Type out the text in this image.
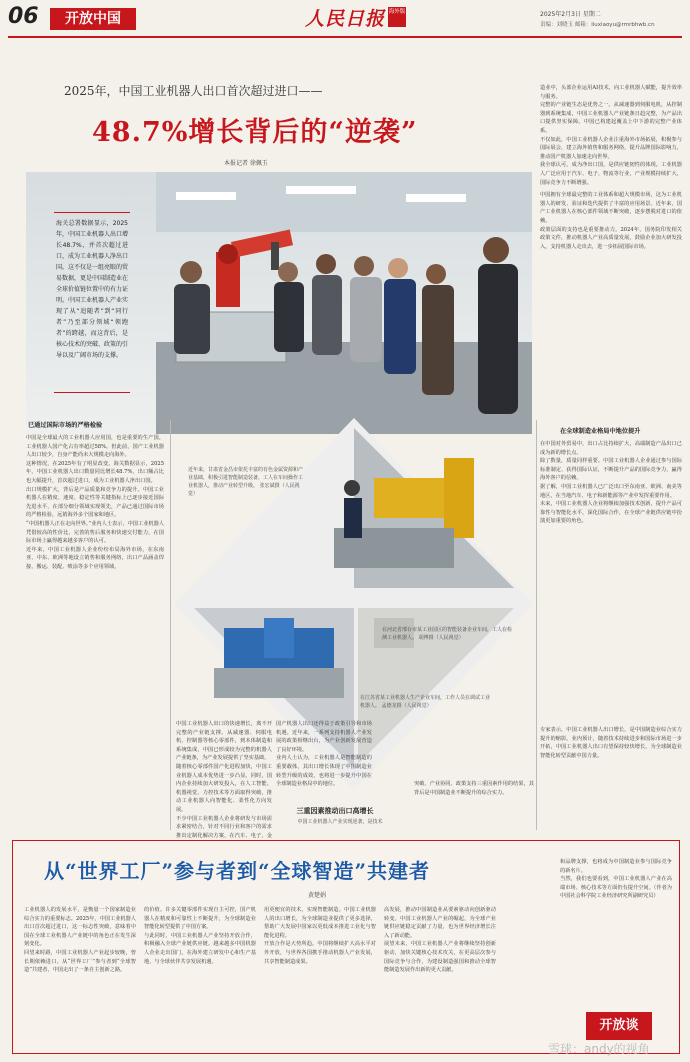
06	开放中国	人民日报 海外版	2025年2月3日 星期二
责编：刘晓玉 邮箱：liuxiaoyu@rmrbhwb.cn
2025年，中国工业机器人出口首次超过进口——
48.7%增长背后的“逆袭”
本报记者 徐佩玉
海关总署数据显示，2025年，中国工业机器人出口增长48.7%，并首次超过进口，成为工业机器人净出口国。这不仅是一组亮眼的贸易数据，更是中国制造业在全球价值链位置中的有力证明。中国工业机器人产业实现了从“追随者”到“同行者”乃至部分领域“领跑者”的跨越，而这背后，是核心技术的突破、政策的引导以及广阔市场的支撑。
造业中，头部企业运用AI技术，向工业机器人赋能，提升效率与服务。
完整的产业链生态是优势之一。从减速器到伺服电机，从控制器到系统集成，中国工业机器人产业链条日趋完整，为产品出口提供坚实保障。中国已构建起覆盖上中下游的完整产业体系。
不仅如此，中国工业机器人企业注重海外市场拓展，积极参与国际展会，建立海外销售和服务网络，提升品牌国际影响力，推动国产机器人加速走向世界。
我全球认可，成为净出口国，是供应链韧性的体现。工业机器人广泛应用于汽车、电子、物流等行业，产业规模持续扩大，国际竞争力不断增强。
中国拥有全球最完整的工业体系和超大规模市场，这为工业机器人的研发、验证和迭代提供了丰富的应用场景。近年来，国产工业机器人在核心部件领域不断突破，逐步摆脱对进口的依赖。
政策层面的支持也是重要推动力。2024年，国务院印发相关政策文件，推动机器人产业高质量发展，鼓励企业加大研发投入，支持机器人走出去，进一步拓展国际市场。
已通过国际市场的严格检验
中国是全球最大的工业机器人应用国，也是重要的生产国。工业机器人国产化占有率超过58%。但此前，国产工业机器人出口较少，自身产能尚未大规模走向海外。
这种情况，在2025年有了明显改变。海关数据显示，2025年，中国工业机器人出口数量同比增长48.7%，出口额占比也大幅提升，首次超过进口，成为工业机器人净出口国。
出口规模扩大，背后是产品质量和竞争力的提升。中国工业机器人在精度、速度、稳定性等关键指标上已逐步接近国际先进水平，在部分细分领域实现领先，产品已通过国际市场的严格检验，远销海外多个国家和地区。
“中国机器人正在走向世界。”业内人士表示，中国工业机器人凭借较高的性价比、完善的售后服务和快速交付能力，在国际市场上赢得越来越多客户的认可。
近年来，中国工业机器人企业纷纷布局海外市场，在东南亚、中东、欧洲等地设立销售和服务网络，出口产品涵盖焊接、搬运、装配、喷涂等多个应用领域。
近年来，甘肃省金昌市依托丰富的有色金属资源和产业基础，积极引进智能制造装备，工人在车间操作工业机器人，推动产业转型升级。 张宏斌摄（人民视觉）
在河北省邢台市某工业园区的智能装备企业车间，工人在检测工业机器人。 胡博摄（人民视觉）
在江苏省某工业机器人生产企业车间，工作人员在调试工业机器人。 孟德龙摄（人民视觉）
中国工业机器人出口的快速增长，离不开完整的产业链支撑。从减速器、伺服电机、控制器等核心零部件，到本体制造和系统集成，中国已形成较为完整的机器人产业链条，为产业发展提供了坚实基础。
随着核心零部件国产化进程加快，中国工业机器人成本优势进一步凸显。同时，国内企业持续加大研发投入，在人工智能、机器视觉、力控技术等方面取得突破，推动工业机器人向智能化、柔性化方向发展。
不少中国工业机器人企业将研发与市场需求紧密结合，针对不同行业和客户的需求推出定制化解决方案，在汽车、电子、金
国产机器人出口还得益于政策引导和市场机遇。近年来，一系列支持机器人产业发展的政策相继出台，为产业创新发展营造了良好环境。
业内人士认为，工业机器人是智能制造的重要载体，其出口增长体现了中国制造业转型升级的成效，也将进一步提升中国在全球制造业格局中的地位。
三重因素推动出口高增长
中国工业机器人产业实现逆袭，是技术
突破、产业协同、政策支持三重因素作用的结果，其背后是中国制造业不断提升的综合实力。
在全球制造业格局中地位提升
在中国对外贸易中，出口占比持续扩大，高端制造产品出口已成为新的增长点。
除了数量，质量同样重要。中国工业机器人企业通过参与国际标准制定、获得国际认证，不断提升产品的国际竞争力，赢得海外客户的信赖。
据了解，中国工业机器人已广泛出口至东南亚、欧洲、南美等地区，在当地汽车、电子和新能源等产业中发挥重要作用。
未来，中国工业机器人企业将继续加强技术创新，提升产品可靠性与智能化水平，深化国际合作，在全球产业链供应链中扮演更加重要的角色。
专家表示，中国工业机器人出口增长，是中国制造业综合实力提升的缩影。业内预计，随着技术持续进步和国际市场进一步开拓，中国工业机器人出口有望保持较快增长，为全球制造业智能化转型贡献中国力量。
从“世界工厂”参与者到“全球智造”共建者
黄楚娟
工业机器人的发展水平，是衡量一个国家制造业综合实力的重要标志。2025年，中国工业机器人出口首次超过进口，这一标志性突破，意味着中国在全球工业机器人产业链中的角色正在发生深刻变化。
回望来时路，中国工业机器人产业起步较晚，曾长期依赖进口。从“世界工厂”参与者到“全球智造”共建者，中国走出了一条自主创新之路。
的价值。许多关键零部件实现自主可控，国产机器人在精度和可靠性上不断提升，为全球制造业智能化转型提供了中国方案。
与此同时，中国工业机器人产业坚持开放合作，积极融入全球产业链供应链。越来越多中国机器人企业走出国门，在海外建立研发中心和生产基地，与全球伙伴共享发展机遇。
用更便宜的技术，实现智能制造。中国工业机器人的出口增长，为全球制造业提供了更多选择，帮助广大发展中国家以更低成本推进工业化与智能化进程。
开放合作是大势所趋。中国将继续扩大高水平对外开放，与世界各国携手推动机器人产业发展，共享智能制造成果。
高发展，推动中国制造业从要素驱动向创新驱动转变。中国工业机器人产业的崛起，为全球产业链供应链稳定贡献了力量，也为世界经济增长注入了新动能。
展望未来，中国工业机器人产业将继续坚持创新驱动，加快关键核心技术攻关，在更高层次参与国际竞争与合作，为建设制造强国和推动全球智能制造发展作出新的更大贡献。
和品牌支撑，也将成为中国制造业参与国际竞争的新名片。
当然，我们也要看到，中国工业机器人产业在高端市场、核心技术等方面仍有提升空间。（作者为中国社会科学院工业经济研究所副研究员）
开放谈
雪球：andy的视角
